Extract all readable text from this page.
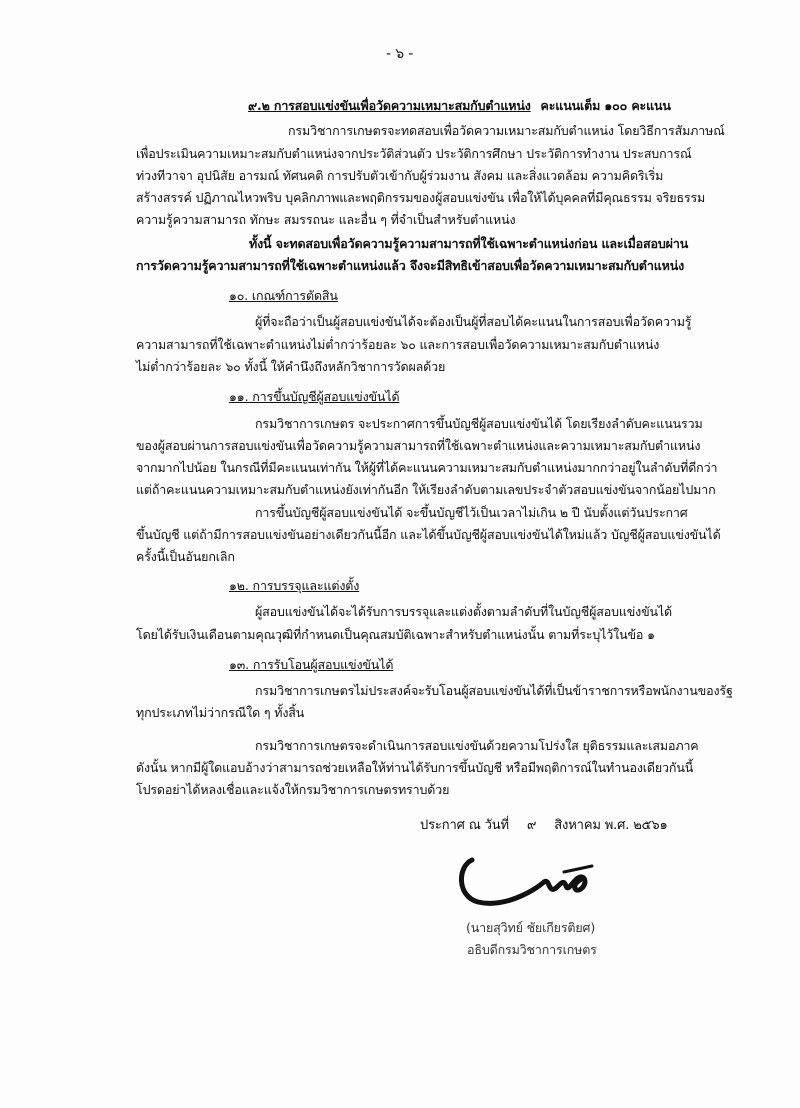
- ๖ -
๙.๒ การสอบแข่งขันเพื่อวัดความเหมาะสมกับตำแหน่ง คะแนนเต็ม ๑๐๐ คะแนน
กรมวิชาการเกษตรจะทดสอบเพื่อวัดความเหมาะสมกับตำแหน่ง โดยวิธีการสัมภาษณ์
เพื่อประเมินความเหมาะสมกับตำแหน่งจากประวัติส่วนตัว ประวัติการศึกษา ประวัติการทำงาน ประสบการณ์
ท่วงทีวาจา อุปนิสัย อารมณ์ ทัศนคติ การปรับตัวเข้ากับผู้ร่วมงาน สังคม และสิ่งแวดล้อม ความคิดริเริ่ม
สร้างสรรค์ ปฏิภาณไหวพริบ บุคลิกภาพและพฤติกรรมของผู้สอบแข่งขัน เพื่อให้ได้บุคคลที่มีคุณธรรม จริยธรรม
ความรู้ความสามารถ ทักษะ สมรรถนะ และอื่น ๆ ที่จำเป็นสำหรับตำแหน่ง
ทั้งนี้ จะทดสอบเพื่อวัดความรู้ความสามารถที่ใช้เฉพาะตำแหน่งก่อน และเมื่อสอบผ่าน
การวัดความรู้ความสามารถที่ใช้เฉพาะตำแหน่งแล้ว จึงจะมีสิทธิเข้าสอบเพื่อวัดความเหมาะสมกับตำแหน่ง
๑๐. เกณฑ์การตัดสิน
ผู้ที่จะถือว่าเป็นผู้สอบแข่งขันได้จะต้องเป็นผู้ที่สอบได้คะแนนในการสอบเพื่อวัดความรู้
ความสามารถที่ใช้เฉพาะตำแหน่งไม่ต่ำกว่าร้อยละ ๖๐ และการสอบเพื่อวัดความเหมาะสมกับตำแหน่ง
ไม่ต่ำกว่าร้อยละ ๖๐ ทั้งนี้ ให้คำนึงถึงหลักวิชาการวัดผลด้วย
๑๑. การขึ้นบัญชีผู้สอบแข่งขันได้
กรมวิชาการเกษตร จะประกาศการขึ้นบัญชีผู้สอบแข่งขันได้ โดยเรียงลำดับคะแนนรวม
ของผู้สอบผ่านการสอบแข่งขันเพื่อวัดความรู้ความสามารถที่ใช้เฉพาะตำแหน่งและความเหมาะสมกับตำแหน่ง
จากมากไปน้อย ในกรณีที่มีคะแนนเท่ากัน ให้ผู้ที่ได้คะแนนความเหมาะสมกับตำแหน่งมากกว่าอยู่ในลำดับที่ดีกว่า
แต่ถ้าคะแนนความเหมาะสมกับตำแหน่งยังเท่ากันอีก ให้เรียงลำดับตามเลขประจำตัวสอบแข่งขันจากน้อยไปมาก
การขึ้นบัญชีผู้สอบแข่งขันได้ จะขึ้นบัญชีไว้เป็นเวลาไม่เกิน ๒ ปี นับตั้งแต่วันประกาศ
ขึ้นบัญชี แต่ถ้ามีการสอบแข่งขันอย่างเดียวกันนี้อีก และได้ขึ้นบัญชีผู้สอบแข่งขันได้ใหม่แล้ว บัญชีผู้สอบแข่งขันได้
ครั้งนี้เป็นอันยกเลิก
๑๒. การบรรจุและแต่งตั้ง
ผู้สอบแข่งขันได้จะได้รับการบรรจุและแต่งตั้งตามลำดับที่ในบัญชีผู้สอบแข่งขันได้
โดยได้รับเงินเดือนตามคุณวุฒิที่กำหนดเป็นคุณสมบัติเฉพาะสำหรับตำแหน่งนั้น ตามที่ระบุไว้ในข้อ ๑
๑๓. การรับโอนผู้สอบแข่งขันได้
กรมวิชาการเกษตรไม่ประสงค์จะรับโอนผู้สอบแข่งขันได้ที่เป็นข้าราชการหรือพนักงานของรัฐ
ทุกประเภทไม่ว่ากรณีใด ๆ ทั้งสิ้น
กรมวิชาการเกษตรจะดำเนินการสอบแข่งขันด้วยความโปร่งใส ยุติธรรมและเสมอภาค
ดังนั้น หากมีผู้ใดแอบอ้างว่าสามารถช่วยเหลือให้ท่านได้รับการขึ้นบัญชี หรือมีพฤติการณ์ในทำนองเดียวกันนี้
โปรดอย่าได้หลงเชื่อและแจ้งให้กรมวิชาการเกษตรทราบด้วย
ประกาศ ณ วันที่ ๙ สิงหาคม พ.ศ. ๒๕๖๑
(นายสุวิทย์ ชัยเกียรติยศ)
อธิบดีกรมวิชาการเกษตร
